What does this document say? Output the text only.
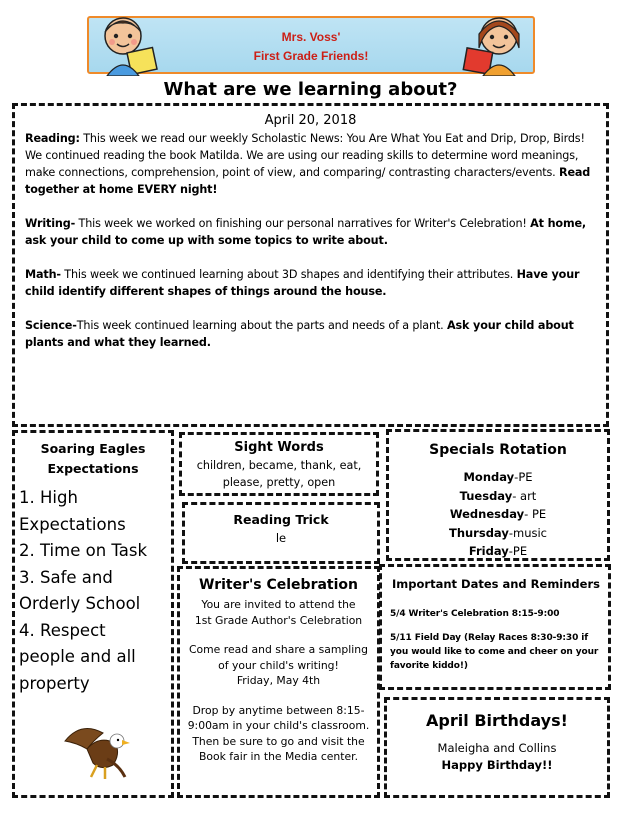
Mrs. Voss'
First Grade Friends!
What are we learning about?
April 20, 2018

Reading: This week we read our weekly Scholastic News: You Are What You Eat and Drip, Drop, Birds! We continued reading the book Matilda. We are using our reading skills to determine word meanings, make connections, comprehension, point of view, and comparing/ contrasting characters/events. Read together at home EVERY night!

Writing- This week we worked on finishing our personal narratives for Writer's Celebration! At home, ask your child to come up with some topics to write about.

Math- This week we continued learning about 3D shapes and identifying their attributes. Have your child identify different shapes of things around the house.

Science-This week continued learning about the parts and needs of a plant. Ask your child about plants and what they learned.

Soaring Eagles
Expectations
1. High
Expectations
2. Time on Task
3. Safe and
Orderly School
4. Respect
people and all
property
Sight Words
children, became, thank, eat,
please, pretty, open
Reading Trick
le
Writer's Celebration
You are invited to attend the
1st Grade Author's Celebration
Come read and share a sampling
of your child's writing!
Friday, May 4th
Drop by anytime between 8:15-
9:00am in your child's classroom.
Then be sure to go and visit the
Book fair in the Media center.
Specials Rotation
Monday-PE
Tuesday- art
Wednesday- PE
Thursday-music
Friday-PE
Important Dates and Reminders
5/4 Writer's Celebration 8:15-9:00
5/11 Field Day (Relay Races 8:30-9:30 if
you would like to come and cheer on your
favorite kiddo!)
April Birthdays!
Maleigha and Collins
Happy Birthday!!
